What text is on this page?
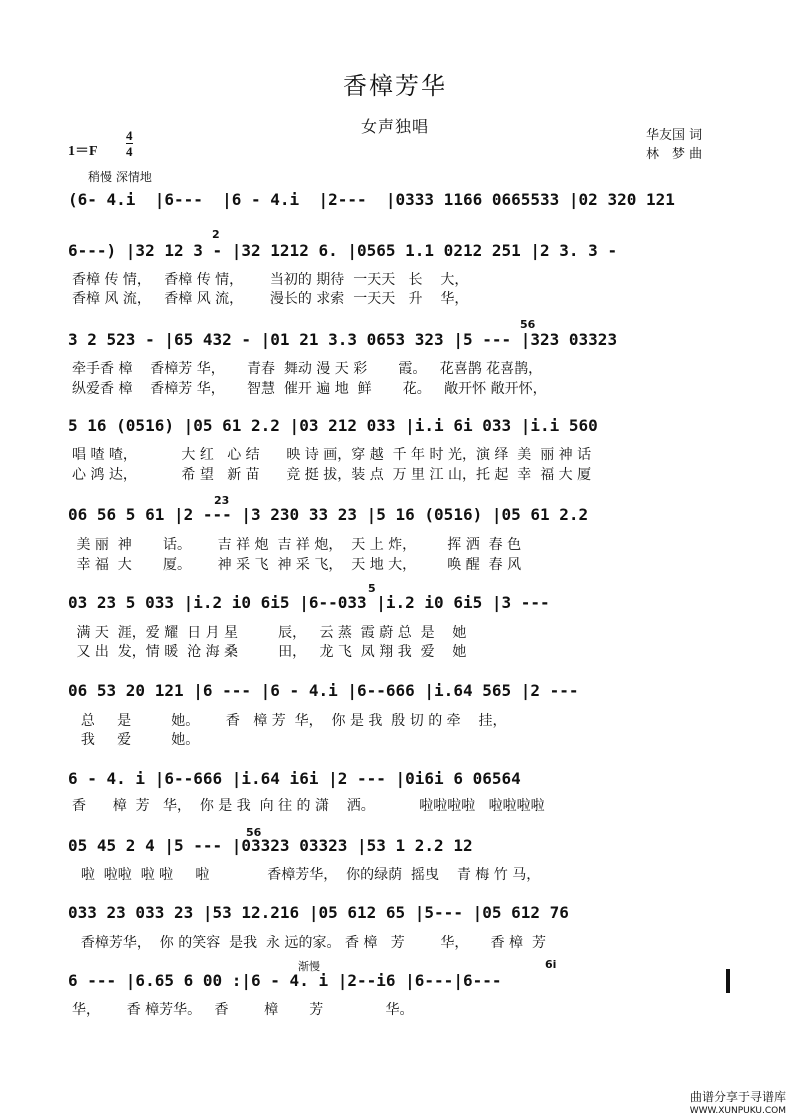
香樟芳华
女声独唱
1＝F
4
4
华友国 词
林　梦 曲
稍慢 深情地
(6- 4.i  |6---  |6 - 4.i  |2---  |0333 1166 0665533 |02 320 121
2
6---) |32 12 3 - |32 1212 6. |0565 1.1 0212 251 |2 3. 3 -
香樟 传 情，   香樟 传 情，      当初的 期待  一天天   长    大，
香樟 风 流，   香樟 风 流，      漫长的 求索  一天天   升    华，
56
3 2 523 - |65 432 - |01 21 3.3 0653 323 |5 --- |323 03323
牵手香 樟    香樟芳 华，     青春  舞动 漫 天 彩       霞。   花喜鹊 花喜鹊，
纵爱香 樟    香樟芳 华，     智慧  催开 遍 地  鲜       花。   敞开怀 敞开怀，
5 16 (0516) |05 61 2.2 |03 212 033 |i.i 6i 033 |i.i 560
唱 喳 喳，          大 红   心 结      映 诗 画，穿 越  千 年 时 光，演 绎  美  丽 神 话
心 鸿 达，          希 望   新 苗      竞 挺 拔，装 点  万 里 江 山，托 起  幸  福 大 厦
23
06 56 5 61 |2 --- |3 230 33 23 |5 16 (0516) |05 61 2.2
美 丽  神       话。      吉 祥 炮  吉 祥 炮，  天 上 炸，       挥 洒  春 色
幸 福  大       厦。      神 采 飞  神 采 飞，  天 地 大，       唤 醒  春 风
5
03 23 5 033 |i.2 i0 6i5 |6--033 |i.2 i0 6i5 |3 ---
满 天  涯，爱 耀  日 月 星         辰，   云 蒸  霞 蔚 总  是    她
又 出  发，情 暖  沧 海 桑         田，   龙 飞  凤 翔 我  爱    她
06 53 20 121 |6 --- |6 - 4.i |6--666 |i.64 565 |2 ---
总     是         她。      香   樟 芳  华，  你 是 我  殷 切 的 牵    挂，
我     爱         她。
6 - 4. i |6--666 |i.64 i6i |2 --- |0i6i 6 06564
香      樟  芳   华，  你 是 我  向 往 的 潇    洒。          啦啦啦啦   啦啦啦啦
56
05 45 2 4 |5 --- |03323 03323 |53 1 2.2 12
啦  啦啦  啦 啦     啦             香樟芳华，  你的绿荫  摇曳    青 梅 竹 马，
033 23 033 23 |53 12.216 |05 612 65 |5--- |05 612 76
香樟芳华，  你 的笑容  是我  永 远的家。 香 樟   芳        华，     香 樟  芳
渐慢	6i
6 --- |6.65 6 00 :|6 - 4. i |2--i6 |6---|6---
华，      香 樟芳华。   香        樟       芳              华。
曲谱分享于寻谱库
WWW.XUNPUKU.COM
